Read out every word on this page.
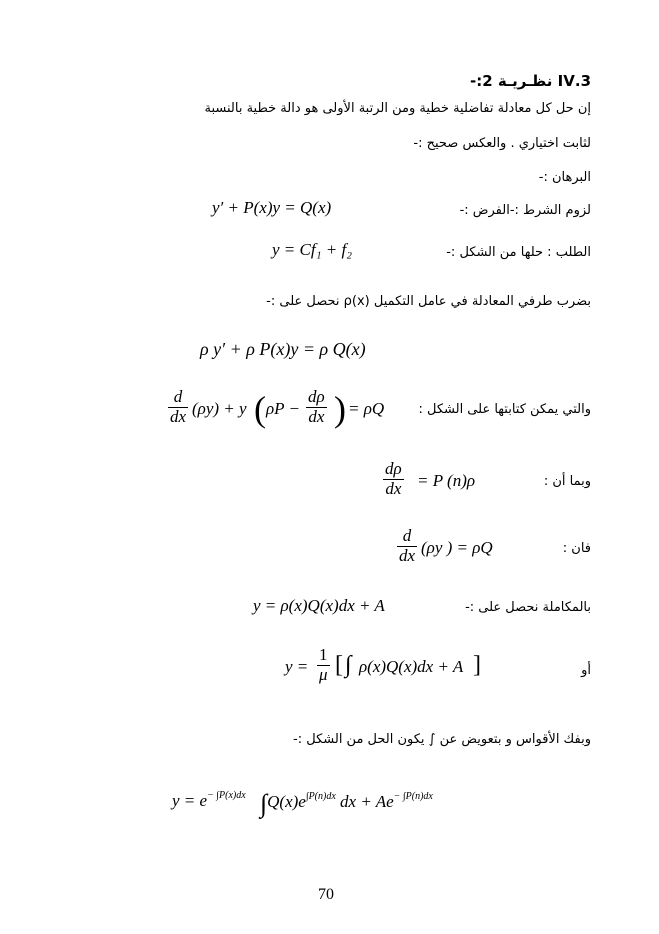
3.IV نظـريـة 2:-
إن حل كل معادلة تفاضلية خطية ومن الرتبة الأولى هو دالة خطية بالنسبة
لثابت اختياري . والعكس صحيح :-
البرهان :-
لزوم الشرط :-الفرض :-
y′ + P(x)y = Q(x)
الطلب : حلها من الشكل :-
y = Cf₁ + f₂
بضرب طرفي المعادلة في عامل التكميل ρ(x) نحصل على :-
ρ y′ + ρ P(x)y = ρ Q(x)
والتي يمكن كتابتها على الشكل :
$\frac{d}{dx} (\rho y) + y$ ( $\rho P - \frac{d\rho}{dx}$ ) = ρQ
وبما أن :
$\frac{d\rho}{dx} = P$ (n)ρ
فان :
$\frac{d}{dx} (\rho y$ ) = ρQ
بالمكاملة نحصل على :-
y = ρ(x)Q(x)dx + A
أو
$y = \frac{1}{\mu}$ [ ∫ ρ(x)Q(x)dx + A ]
وبفك الأقواس و بتعويض عن ∫ يكون الحل من الشكل :-
$y = e^{- \int P(x)dx}$ $\int Q(x)e^{\int P(n)dx}$ dx + $Ae^{- \int P(n)dx}$
70
